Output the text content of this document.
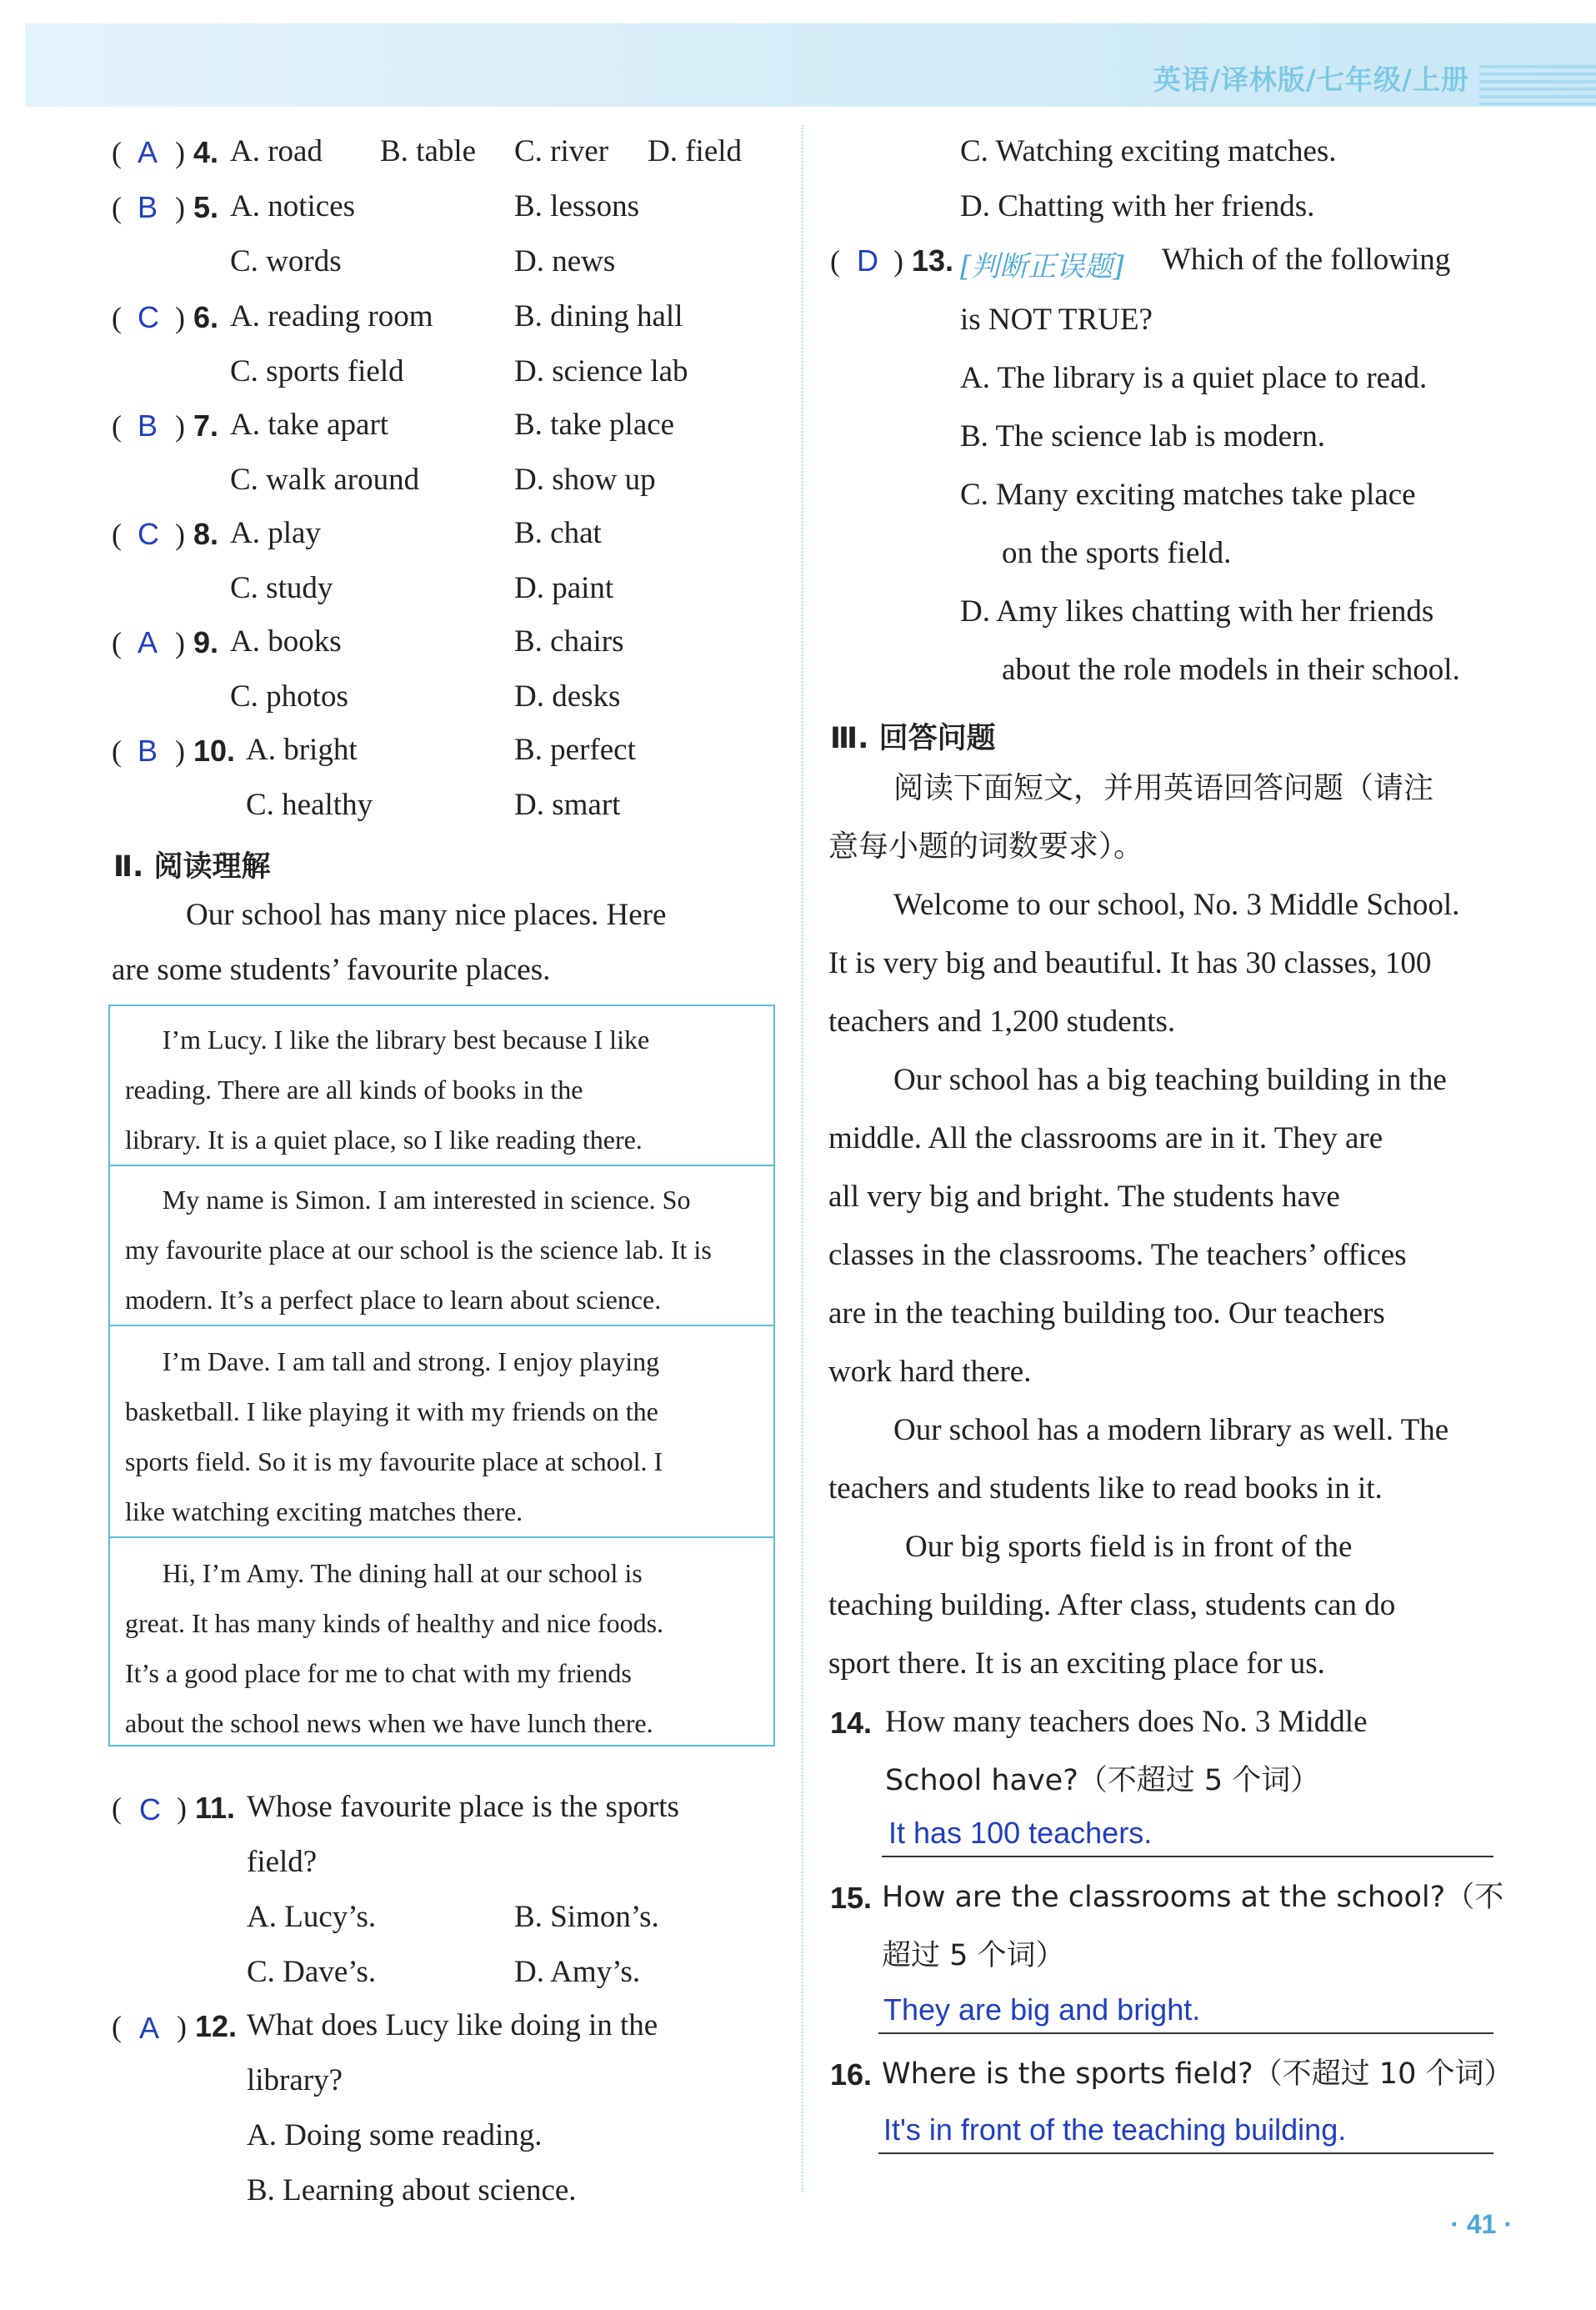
英语/译林版/七年级/上册
( A ) 4. A. road B. table C. river D. field
( B ) 5. A. notices	B. lessons
C. words	D. news
( C ) 6. A. reading room	B. dining hall
C. sports field	D. science lab
( B ) 7. A. take apart	B. take place
C. walk around	D. show up
( C ) 8. A. play	B. chat
C. study	D. paint
( A ) 9. A. books	B. chairs
C. photos	D. desks
( B ) 10. A. bright	B. perfect
C. healthy	D. smart
Ⅱ. 阅读理解
Our school has many nice places. Here
are some students’ favourite places.

I’m Lucy. I like the library best because I like

reading. There are all kinds of books in the

library. It is a quiet place, so I like reading there.

My name is Simon. I am interested in science. So

my favourite place at our school is the science lab. It is

modern. It’s a perfect place to learn about science.

I’m Dave. I am tall and strong. I enjoy playing

basketball. I like playing it with my friends on the

sports field. So it is my favourite place at school. I

like watching exciting matches there.

Hi, I’m Amy. The dining hall at our school is

great. It has many kinds of healthy and nice foods.

It’s a good place for me to chat with my friends

about the school news when we have lunch there.

( C ) 11. Whose favourite place is the sports
field?
A. Lucy’s.	B. Simon’s.
C. Dave’s.	D. Amy’s.
( A ) 12. What does Lucy like doing in the
library?
A. Doing some reading.
B. Learning about science.
C. Watching exciting matches.
D. Chatting with her friends.
( D ) 13. [判断正误题] Which of the following
is NOT TRUE?
A. The library is a quiet place to read.
B. The science lab is modern.
C. Many exciting matches take place
on the sports field.
D. Amy likes chatting with her friends
about the role models in their school.
Ⅲ. 回答问题
阅读下面短文，并用英语回答问题（请注
意每小题的词数要求）。
Welcome to our school, No. 3 Middle School.
It is very big and beautiful. It has 30 classes, 100
teachers and 1,200 students.
Our school has a big teaching building in the
middle. All the classrooms are in it. They are
all very big and bright. The students have
classes in the classrooms. The teachers’ offices
are in the teaching building too. Our teachers
work hard there.
Our school has a modern library as well. The
teachers and students like to read books in it.
Our big sports field is in front of the
teaching building. After class, students can do
sport there. It is an exciting place for us.
14. How many teachers does No. 3 Middle
School have?（不超过 5 个词）
It has 100 teachers.
15. How are the classrooms at the school?（不
超过 5 个词）
They are big and bright.
16. Where is the sports field?（不超过 10 个词）
It's in front of the teaching building.
· 41 ·
